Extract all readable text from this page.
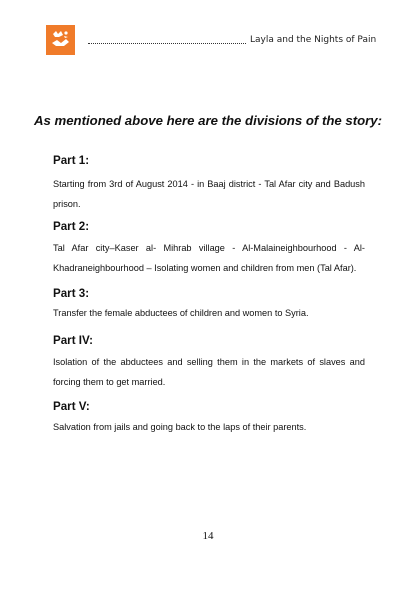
Layla and the Nights of Pain
As mentioned above here are the divisions of the story:
Part 1:
Starting from 3rd of August 2014 - in Baaj district - Tal Afar city and Badush prison.
Part 2:
Tal Afar city–Kaser al- Mihrab village - Al-Malaineighbourhood - Al-Khadraneighbourhood – Isolating women and children from men (Tal Afar).
Part 3:
Transfer the female abductees of children and women to Syria.
Part IV:
Isolation of the abductees and selling them in the markets of slaves and forcing them to get married.
Part V:
Salvation from jails and going back to the laps of their parents.
14
